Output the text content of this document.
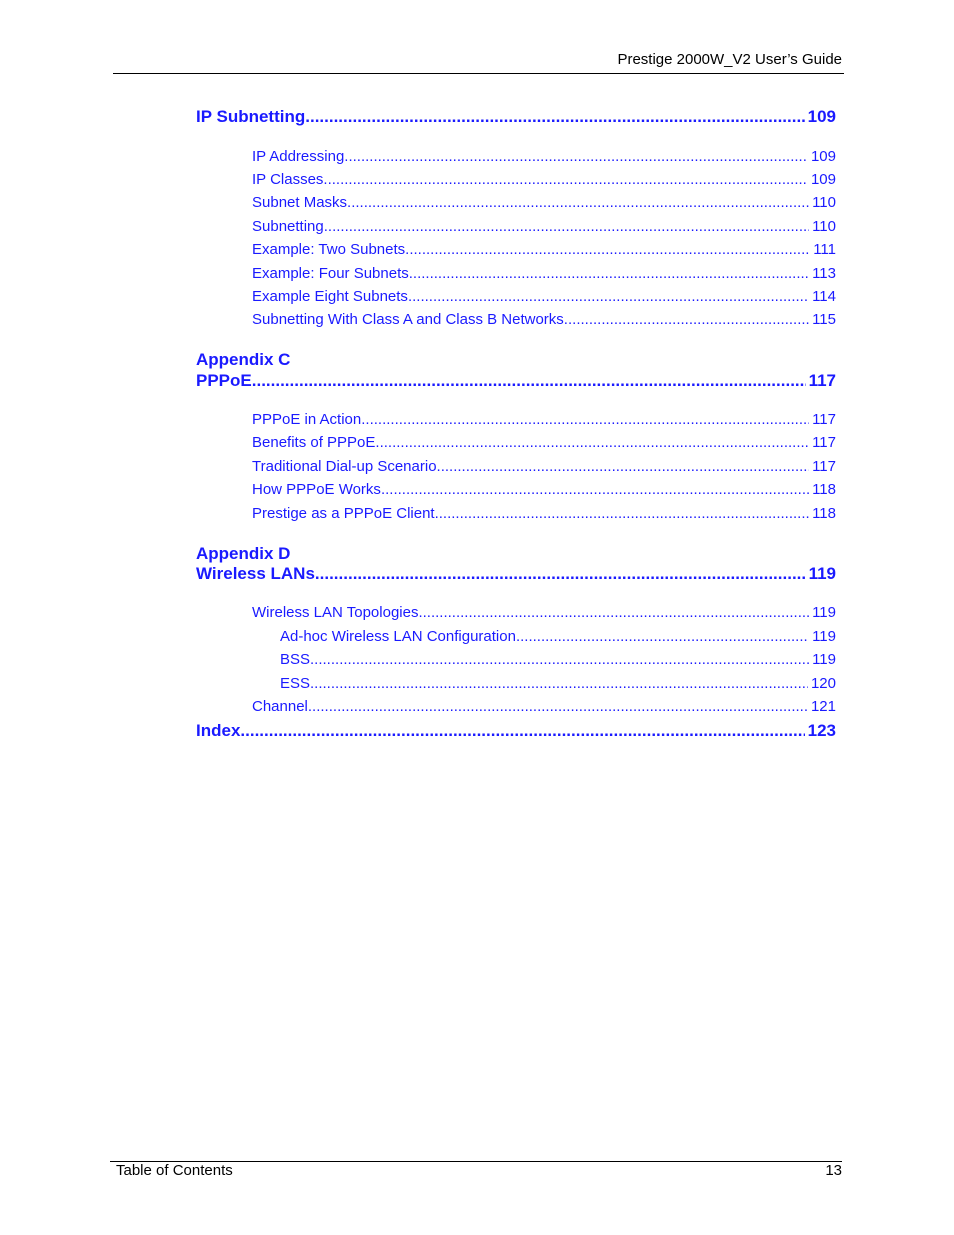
Prestige 2000W_V2 User’s Guide
IP Subnetting .....	109
IP Addressing .....	109
IP Classes .....	109
Subnet Masks .....	110
Subnetting .....	110
Example: Two Subnets .....	111
Example: Four Subnets .....	113
Example Eight Subnets .....	114
Subnetting With Class A and Class B Networks. .....	115
Appendix C
PPPoE .....	117
PPPoE in Action .....	117
Benefits of PPPoE .....	117
Traditional Dial-up Scenario .....	117
How PPPoE Works .....	118
Prestige as a PPPoE Client .....	118
Appendix D
Wireless LANs .....	119
Wireless LAN Topologies .....	119
Ad-hoc Wireless LAN Configuration .....	119
BSS .....	119
ESS .....	120
Channel .....	121
Index .....	123
Table of Contents	13
